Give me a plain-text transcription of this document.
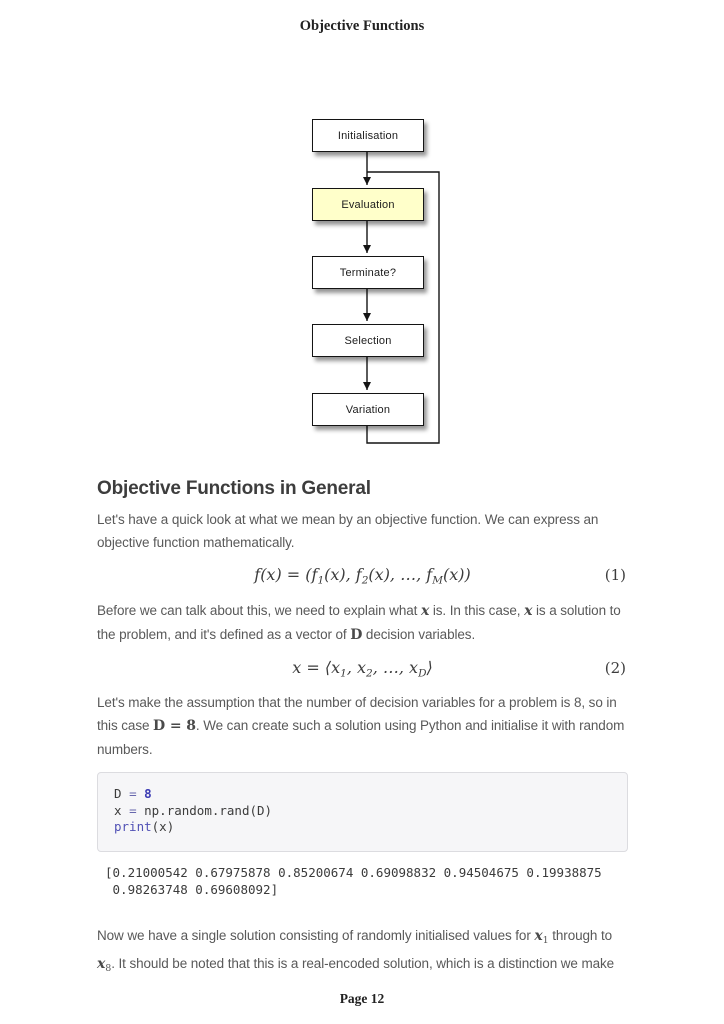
Objective Functions
Initialisation
Evaluation
Terminate?
Selection
Variation
Objective Functions in General

Let's have a quick look at what we mean by an objective function. We can express an objective function mathematically.

$f(x) = (f_1(x)$, $f_2(x)$, …, $f_M(x)$)	(1)

Before we can talk about this, we need to explain what x is. In this case, x is a solution to the problem, and it's defined as a vector of D decision variables.

$x = ⟨x_1$, $x_2$, …, $x_D⟩$	(2)

Let's make the assumption that the number of decision variables for a problem is 8, so in this case D = 8. We can create such a solution using Python and initialise it with random numbers.

D = 8
x = np.random.rand(D)
print(x)
[0.21000542 0.67975878 0.85200674 0.69098832 0.94504675 0.19938875
0.98263748 0.69608092]

Now we have a single solution consisting of randomly initialised values for $x_1$ through to $x_8$. It should be noted that this is a real-encoded solution, which is a distinction we make

Page 12
